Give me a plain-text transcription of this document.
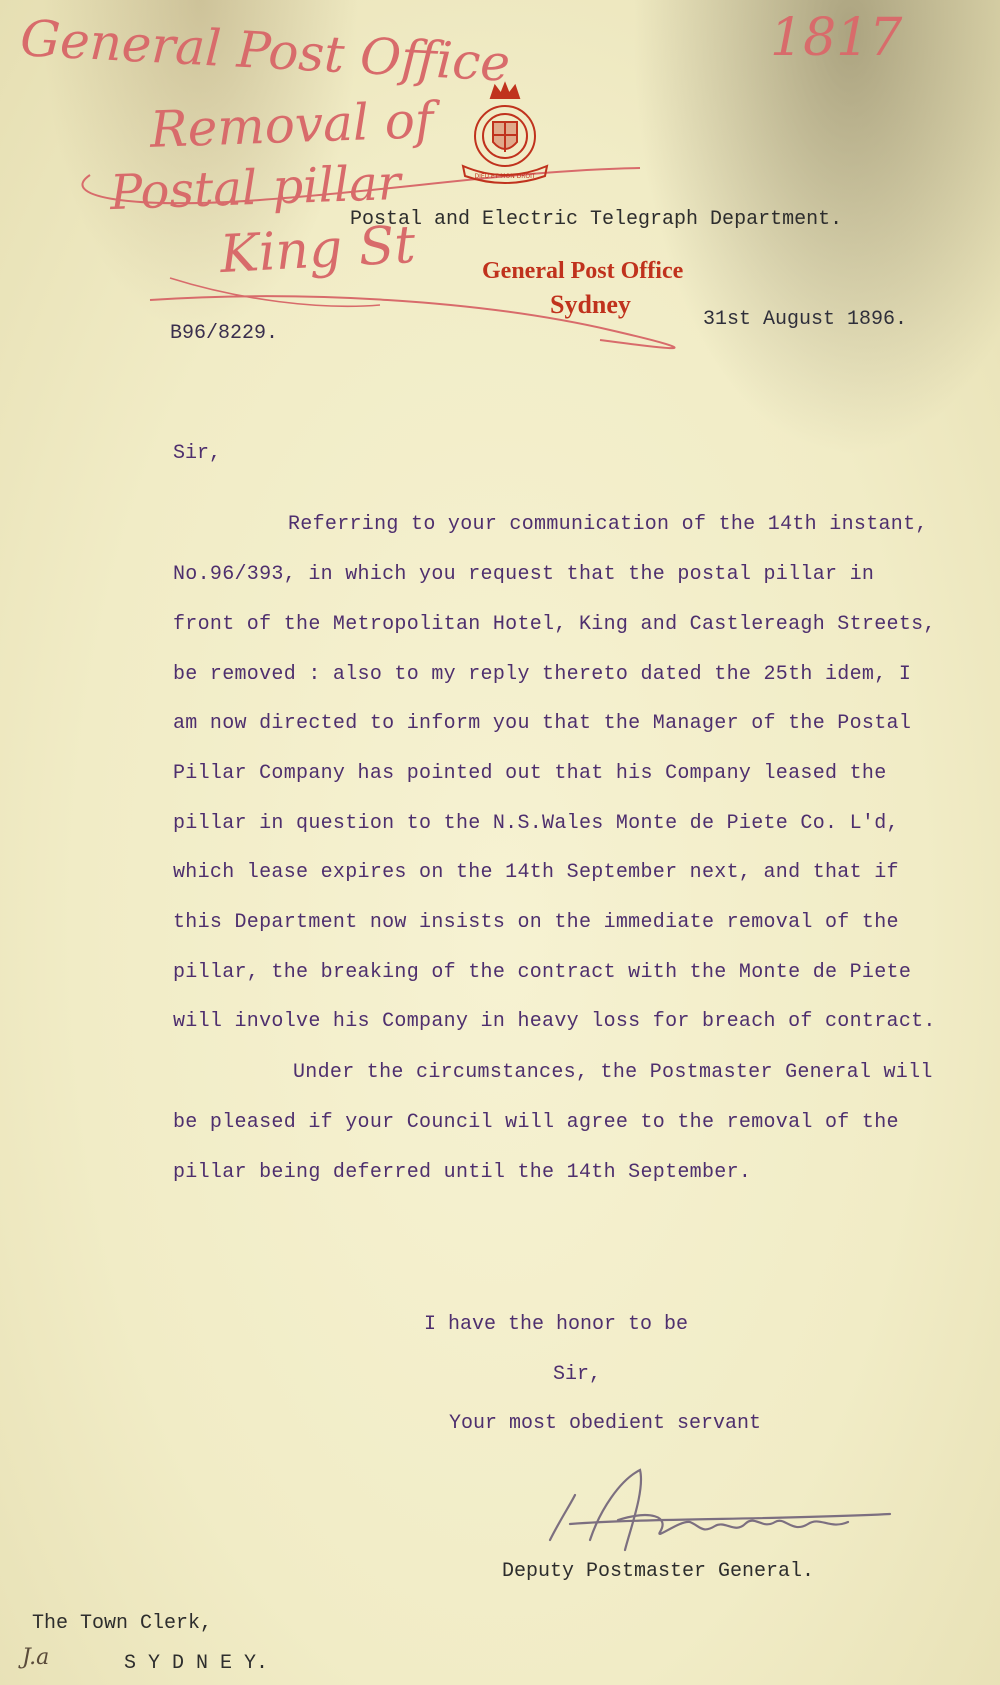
General Post Office	1817

Removal of

Postal pillar

King St

DIEU ET MON DROIT

Postal and Electric Telegraph Department.

General Post Office

Sydney

B96/8229.

31st August 1896.

Sir,

Referring to your communication of the 14th instant,

No.96/393, in which you request that the postal pillar in

front of the Metropolitan Hotel, King and Castlereagh Streets,

be removed : also to my reply thereto dated the 25th idem, I

am now directed to inform you that the Manager of the Postal

Pillar Company has pointed out that his Company leased the

pillar in question to the N.S.Wales Monte de Piete Co. L'd,

which lease expires on the 14th September next, and that if

this Department now insists on the immediate removal of the

pillar, the breaking of the contract with the Monte de Piete

will involve his Company in heavy loss for breach of contract.

Under the circumstances, the Postmaster General will

be pleased if your Council will agree to the removal of the

pillar being deferred until the 14th September.

I have the honor to be

Sir,

Your most obedient servant

Deputy Postmaster General.

The Town Clerk,

J.a	S Y D N E Y.
